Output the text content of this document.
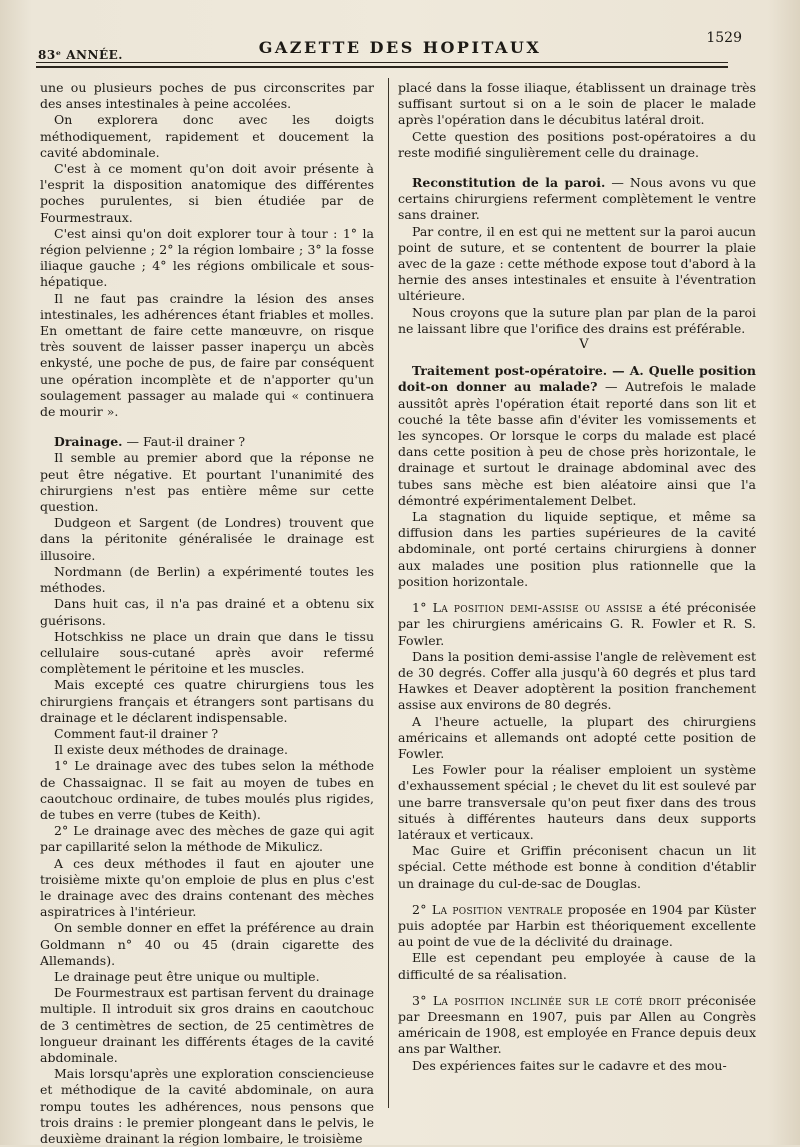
83ᵉ ANNÉE.	GAZETTE DES HOPITAUX	1529

une ou plusieurs poches de pus circonscrites par des anses intestinales à peine accolées.

On explorera donc avec les doigts méthodiquement, rapidement et doucement la cavité abdominale.

C'est à ce moment qu'on doit avoir présente à l'esprit la disposition anatomique des différentes poches purulentes, si bien étudiée par de Fourmestraux.

C'est ainsi qu'on doit explorer tour à tour : 1° la région pelvienne ; 2° la région lombaire ; 3° la fosse iliaque gauche ; 4° les régions ombilicale et sous-hépatique.

Il ne faut pas craindre la lésion des anses intestinales, les adhérences étant friables et molles. En omettant de faire cette manœuvre, on risque très souvent de laisser passer inaperçu un abcès enkysté, une poche de pus, de faire par conséquent une opération incomplète et de n'apporter qu'un soulagement passager au malade qui « continuera de mourir ».

Drainage. — Faut-il drainer ?

Il semble au premier abord que la réponse ne peut être négative. Et pourtant l'unanimité des chirurgiens n'est pas entière même sur cette question.

Dudgeon et Sargent (de Londres) trouvent que dans la péritonite généralisée le drainage est illusoire.

Nordmann (de Berlin) a expérimenté toutes les méthodes.

Dans huit cas, il n'a pas drainé et a obtenu six guérisons.

Hotschkiss ne place un drain que dans le tissu cellulaire sous-cutané après avoir refermé complètement le péritoine et les muscles.

Mais excepté ces quatre chirurgiens tous les chirurgiens français et étrangers sont partisans du drainage et le déclarent indispensable.

Comment faut-il drainer ?

Il existe deux méthodes de drainage.

1° Le drainage avec des tubes selon la méthode de Chassaignac. Il se fait au moyen de tubes en caoutchouc ordinaire, de tubes moulés plus rigides, de tubes en verre (tubes de Keith).

2° Le drainage avec des mèches de gaze qui agit par capillarité selon la méthode de Mikulicz.

A ces deux méthodes il faut en ajouter une troisième mixte qu'on emploie de plus en plus c'est le drainage avec des drains contenant des mèches aspiratrices à l'intérieur.

On semble donner en effet la préférence au drain Goldmann n° 40 ou 45 (drain cigarette des Allemands).

Le drainage peut être unique ou multiple.

De Fourmestraux est partisan fervent du drainage multiple. Il introduit six gros drains en caoutchouc de 3 centimètres de section, de 25 centimètres de longueur drainant les différents étages de la cavité abdominale.

Mais lorsqu'après une exploration consciencieuse et méthodique de la cavité abdominale, on aura rompu toutes les adhérences, nous pensons que trois drains : le premier plongeant dans le pelvis, le deuxième drainant la région lombaire, le troisième

placé dans la fosse iliaque, établissent un drainage très suffisant surtout si on a le soin de placer le malade après l'opération dans le décubitus latéral droit.

Cette question des positions post-opératoires a du reste modifié singulièrement celle du drainage.

Reconstitution de la paroi. — Nous avons vu que certains chirurgiens referment complètement le ventre sans drainer.

Par contre, il en est qui ne mettent sur la paroi aucun point de suture, et se contentent de bourrer la plaie avec de la gaze : cette méthode expose tout d'abord à la hernie des anses intestinales et ensuite à l'éventration ultérieure.

Nous croyons que la suture plan par plan de la paroi ne laissant libre que l'orifice des drains est préférable.

V

Traitement post-opératoire. — A. Quelle position doit-on donner au malade? — Autrefois le malade aussitôt après l'opération était reporté dans son lit et couché la tête basse afin d'éviter les vomissements et les syncopes. Or lorsque le corps du malade est placé dans cette position à peu de chose près horizontale, le drainage et surtout le drainage abdominal avec des tubes sans mèche est bien aléatoire ainsi que l'a démontré expérimentalement Delbet.

La stagnation du liquide septique, et même sa diffusion dans les parties supérieures de la cavité abdominale, ont porté certains chirurgiens à donner aux malades une position plus rationnelle que la position horizontale.

1° La position demi-assise ou assise a été préconisée par les chirurgiens américains G. R. Fowler et R. S. Fowler.

Dans la position demi-assise l'angle de relèvement est de 30 degrés. Coffer alla jusqu'à 60 degrés et plus tard Hawkes et Deaver adoptèrent la position franchement assise aux environs de 80 degrés.

A l'heure actuelle, la plupart des chirurgiens américains et allemands ont adopté cette position de Fowler.

Les Fowler pour la réaliser emploient un système d'exhaussement spécial ; le chevet du lit est soulevé par une barre transversale qu'on peut fixer dans des trous situés à différentes hauteurs dans deux supports latéraux et verticaux.

Mac Guire et Griffin préconisent chacun un lit spécial. Cette méthode est bonne à condition d'établir un drainage du cul-de-sac de Douglas.

2° La position ventrale proposée en 1904 par Küster puis adoptée par Harbin est théoriquement excellente au point de vue de la déclivité du drainage.

Elle est cependant peu employée à cause de la difficulté de sa réalisation.

3° La position inclinée sur le coté droit préconisée par Dreesmann en 1907, puis par Allen au Congrès américain de 1908, est employée en France depuis deux ans par Walther.

Des expériences faites sur le cadavre et des mou-
